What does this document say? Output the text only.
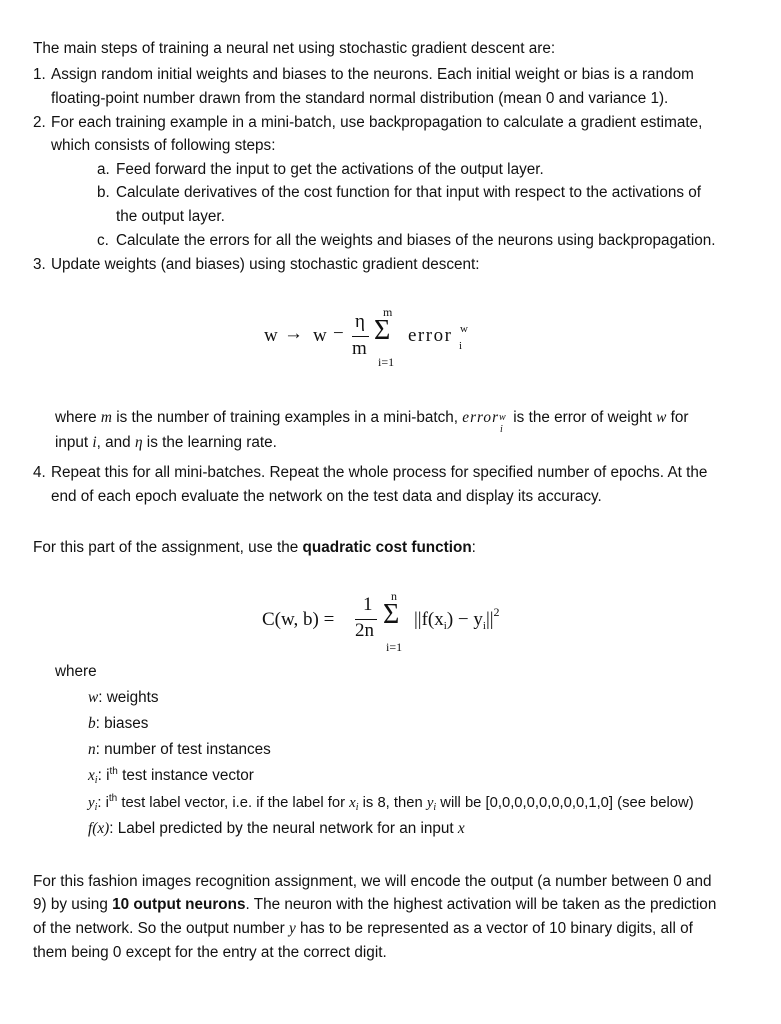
The main steps of training a neural net using stochastic gradient descent are:
1. Assign random initial weights and biases to the neurons. Each initial weight or bias is a random
floating-point number drawn from the standard normal distribution (mean 0 and variance 1).
2. For each training example in a mini-batch, use backpropagation to calculate a gradient estimate,
which consists of following steps:
a. Feed forward the input to get the activations of the output layer.
b. Calculate derivatives of the cost function for that input with respect to the activations of
the output layer.
c. Calculate the errors for all the weights and biases of the neurons using backpropagation.
3. Update weights (and biases) using stochastic gradient descent:
w → w −
η
m
m
Σ
i=1
error w
i
where m is the number of training examples in a mini-batch, error w
i
is the error of weight w for
input i, and η is the learning rate.
4. Repeat this for all mini-batches. Repeat the whole process for specified number of epochs. At the
end of each epoch evaluate the network on the test data and display its accuracy.
For this part of the assignment, use the quadratic cost function:
C(w, b) =
1
2n
n
Σ
i=1
$||f(x_i) - y_i||^2$
where
w: weights
b: biases
n: number of test instances
xi: $i^{th}$ test instance vector
$y_i$: $i^{th}$ test label vector, i.e. if the label for $x_i$ is 8, then $y_i$ will be [0,0,0,0,0,0,0,0,1,0] (see below)
f(x): Label predicted by the neural network for an input x
For this fashion images recognition assignment, we will encode the output (a number between 0 and
9) by using 10 output neurons. The neuron with the highest activation will be taken as the prediction
of the network. So the output number y has to be represented as a vector of 10 binary digits, all of
them being 0 except for the entry at the correct digit.
